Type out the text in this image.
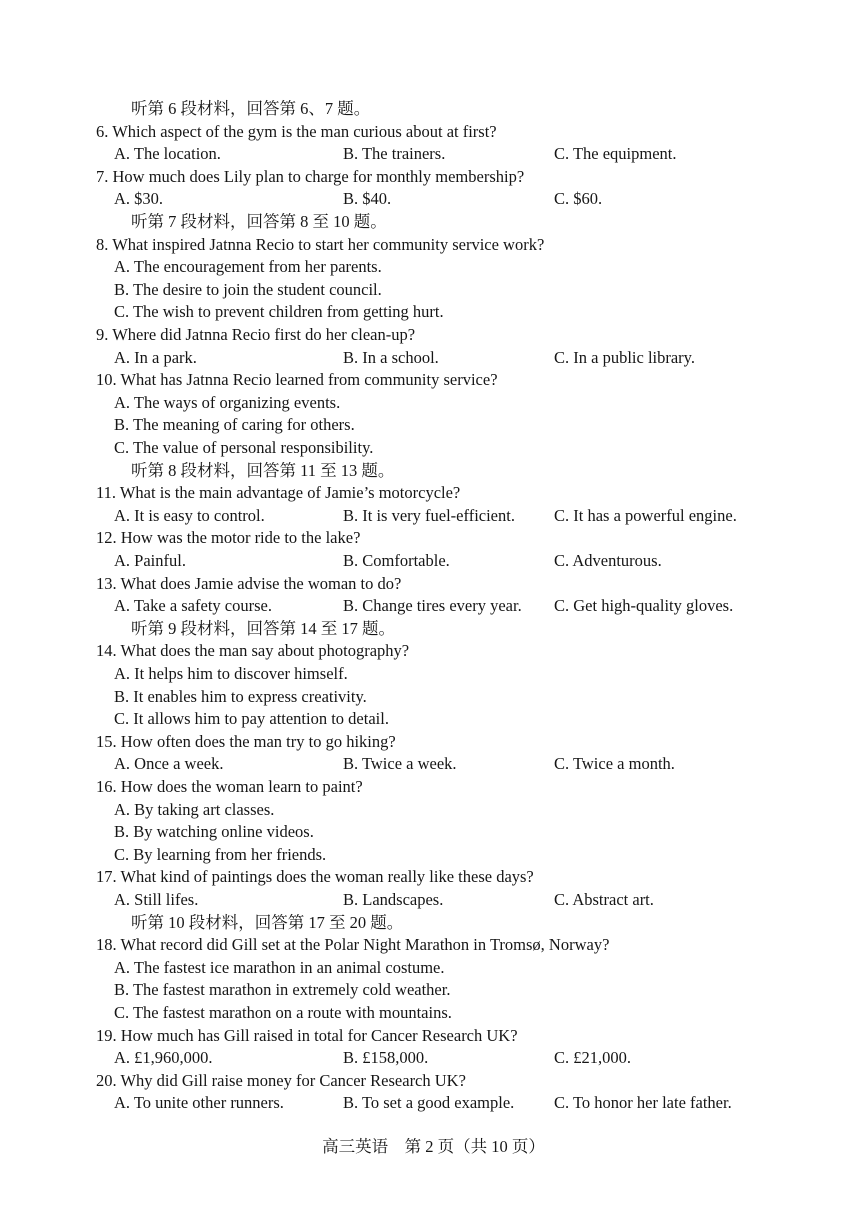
听第 6 段材料，回答第 6、7 题。
6. Which aspect of the gym is the man curious about at first?
A. The location.	B. The trainers.	C. The equipment.
7. How much does Lily plan to charge for monthly membership?
A. $30.	B. $40.	C. $60.
听第 7 段材料，回答第 8 至 10 题。
8. What inspired Jatnna Recio to start her community service work?
A. The encouragement from her parents.
B. The desire to join the student council.
C. The wish to prevent children from getting hurt.
9. Where did Jatnna Recio first do her clean-up?
A. In a park.	B. In a school.	C. In a public library.
10. What has Jatnna Recio learned from community service?
A. The ways of organizing events.
B. The meaning of caring for others.
C. The value of personal responsibility.
听第 8 段材料，回答第 11 至 13 题。
11. What is the main advantage of Jamie’s motorcycle?
A. It is easy to control.	B. It is very fuel-efficient. C. It has a powerful engine.
12. How was the motor ride to the lake?
A. Painful.	B. Comfortable.	C. Adventurous.
13. What does Jamie advise the woman to do?
A. Take a safety course.	B. Change tires every year. C. Get high-quality gloves.
听第 9 段材料，回答第 14 至 17 题。
14. What does the man say about photography?
A. It helps him to discover himself.
B. It enables him to express creativity.
C. It allows him to pay attention to detail.
15. How often does the man try to go hiking?
A. Once a week.	B. Twice a week.	C. Twice a month.
16. How does the woman learn to paint?
A. By taking art classes.
B. By watching online videos.
C. By learning from her friends.
17. What kind of paintings does the woman really like these days?
A. Still lifes.	B. Landscapes.	C. Abstract art.
听第 10 段材料，回答第 17 至 20 题。
18. What record did Gill set at the Polar Night Marathon in Tromsø, Norway?
A. The fastest ice marathon in an animal costume.
B. The fastest marathon in extremely cold weather.
C. The fastest marathon on a route with mountains.
19. How much has Gill raised in total for Cancer Research UK?
A. £1,960,000.	B. £158,000.	C. £21,000.
20. Why did Gill raise money for Cancer Research UK?
A. To unite other runners.	B. To set a good example. C. To honor her late father.
高三英语　第 2 页（共 10 页）
